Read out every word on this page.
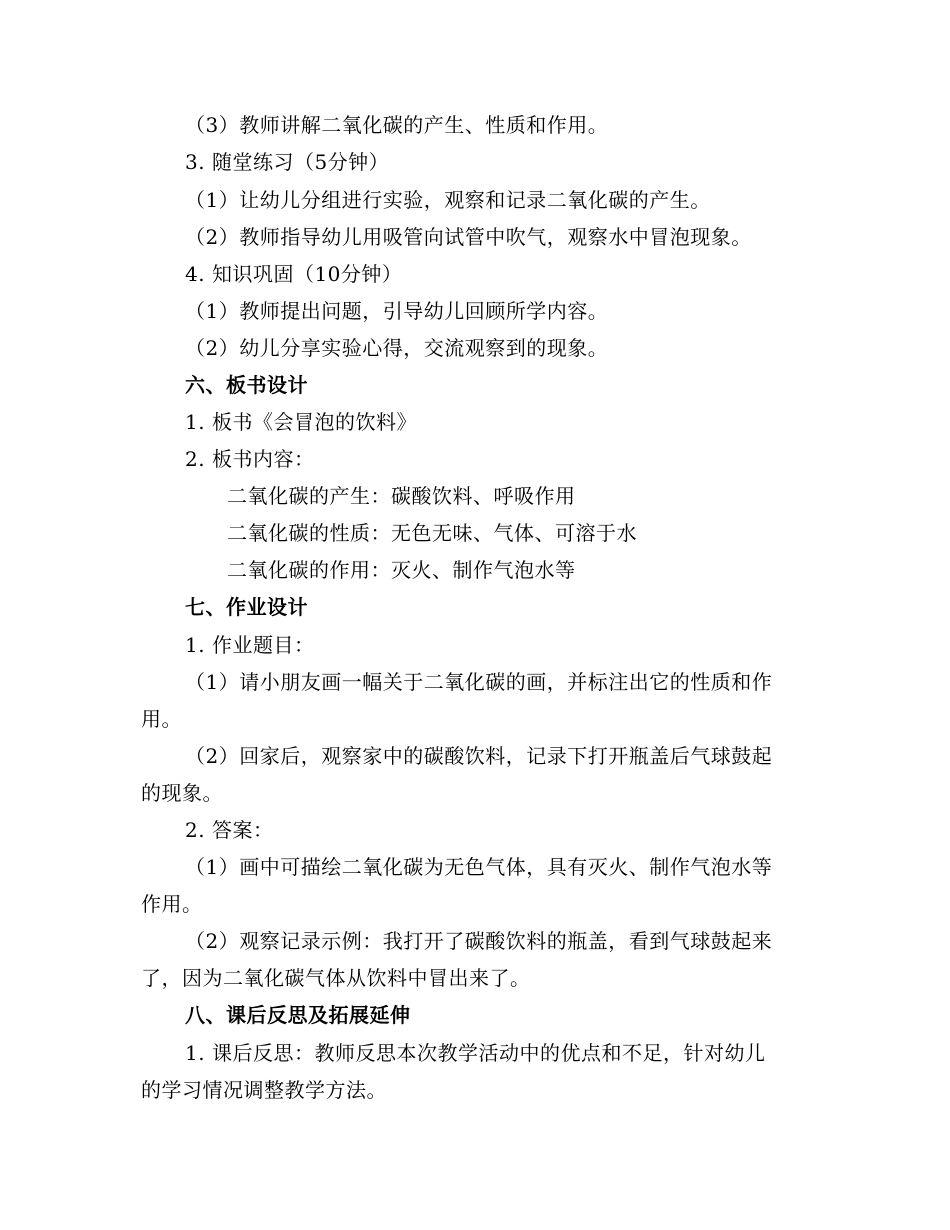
（3）教师讲解二氧化碳的产生、性质和作用。
3. 随堂练习（5分钟）
（1）让幼儿分组进行实验，观察和记录二氧化碳的产生。
（2）教师指导幼儿用吸管向试管中吹气，观察水中冒泡现象。
4. 知识巩固（10分钟）
（1）教师提出问题，引导幼儿回顾所学内容。
（2）幼儿分享实验心得，交流观察到的现象。
六、板书设计
1. 板书《会冒泡的饮料》
2. 板书内容：
二氧化碳的产生：碳酸饮料、呼吸作用
二氧化碳的性质：无色无味、气体、可溶于水
二氧化碳的作用：灭火、制作气泡水等
七、作业设计
1. 作业题目：
（1）请小朋友画一幅关于二氧化碳的画，并标注出它的性质和作
用。
（2）回家后，观察家中的碳酸饮料，记录下打开瓶盖后气球鼓起
的现象。
2. 答案：
（1）画中可描绘二氧化碳为无色气体，具有灭火、制作气泡水等
作用。
（2）观察记录示例：我打开了碳酸饮料的瓶盖，看到气球鼓起来
了，因为二氧化碳气体从饮料中冒出来了。
八、课后反思及拓展延伸
1. 课后反思：教师反思本次教学活动中的优点和不足，针对幼儿
的学习情况调整教学方法。
